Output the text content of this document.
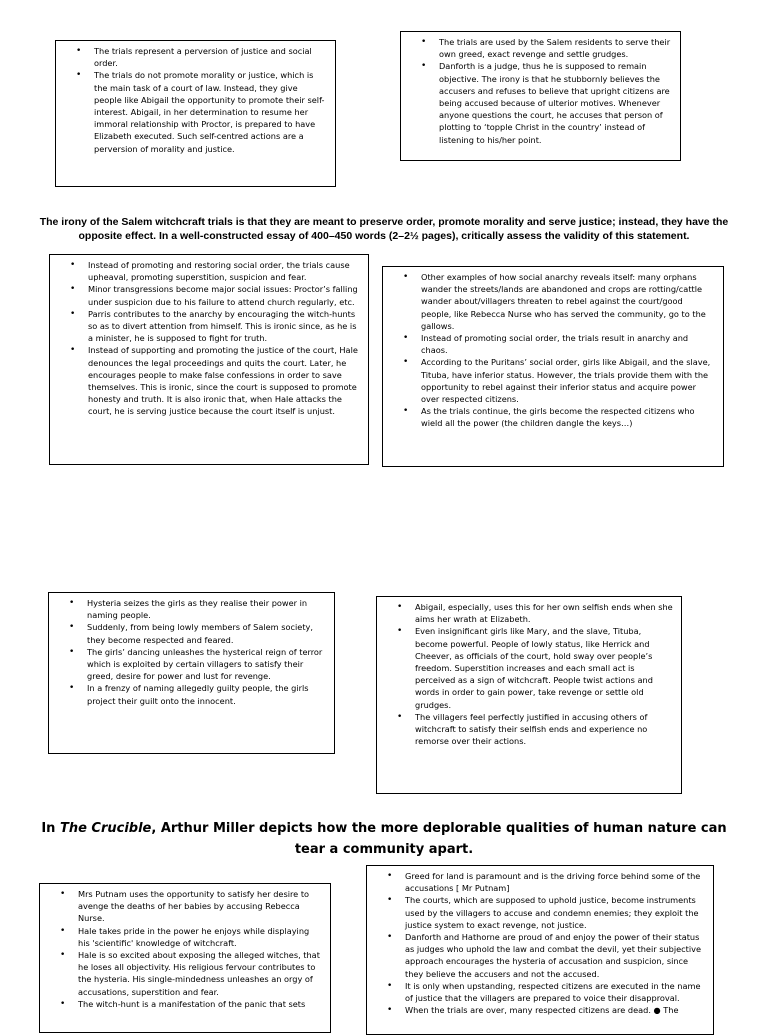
• The trials represent a perversion of justice and social order.
• The trials do not promote morality or justice, which is the main task of a court of law. Instead, they give people like Abigail the opportunity to promote their self-interest. Abigail, in her determination to resume her immoral relationship with Proctor, is prepared to have Elizabeth executed. Such self-centred actions are a perversion of morality and justice.
• The trials are used by the Salem residents to serve their own greed, exact revenge and settle grudges.
• Danforth is a judge, thus he is supposed to remain objective. The irony is that he stubbornly believes the accusers and refuses to believe that upright citizens are being accused because of ulterior motives. Whenever anyone questions the court, he accuses that person of plotting to ‘topple Christ in the country’ instead of listening to his/her point.
The irony of the Salem witchcraft trials is that they are meant to preserve order, promote morality and serve justice; instead, they have the opposite effect. In a well-constructed essay of 400–450 words (2–2½ pages), critically assess the validity of this statement.
• Instead of promoting and restoring social order, the trials cause upheaval, promoting superstition, suspicion and fear.
• Minor transgressions become major social issues: Proctor’s falling under suspicion due to his failure to attend church regularly, etc.
• Parris contributes to the anarchy by encouraging the witch-hunts so as to divert attention from himself. This is ironic since, as he is a minister, he is supposed to fight for truth.
• Instead of supporting and promoting the justice of the court, Hale denounces the legal proceedings and quits the court. Later, he encourages people to make false confessions in order to save themselves. This is ironic, since the court is supposed to promote honesty and truth. It is also ironic that, when Hale attacks the court, he is serving justice because the court itself is unjust.
• Other examples of how social anarchy reveals itself: many orphans wander the streets/lands are abandoned and crops are rotting/cattle wander about/villagers threaten to rebel against the court/good people, like Rebecca Nurse who has served the community, go to the gallows.
• Instead of promoting social order, the trials result in anarchy and chaos.
• According to the Puritans’ social order, girls like Abigail, and the slave, Tituba, have inferior status. However, the trials provide them with the opportunity to rebel against their inferior status and acquire power over respected citizens.
• As the trials continue, the girls become the respected citizens who wield all the power (the children dangle the keys…)
• Hysteria seizes the girls as they realise their power in naming people.
• Suddenly, from being lowly members of Salem society, they become respected and feared.
• The girls’ dancing unleashes the hysterical reign of terror which is exploited by certain villagers to satisfy their greed, desire for power and lust for revenge.
• In a frenzy of naming allegedly guilty people, the girls project their guilt onto the innocent.
• Abigail, especially, uses this for her own selfish ends when she aims her wrath at Elizabeth.
• Even insignificant girls like Mary, and the slave, Tituba, become powerful. People of lowly status, like Herrick and Cheever, as officials of the court, hold sway over people’s freedom. Superstition increases and each small act is perceived as a sign of witchcraft. People twist actions and words in order to gain power, take revenge or settle old grudges.
• The villagers feel perfectly justified in accusing others of witchcraft to satisfy their selfish ends and experience no remorse over their actions.
In The Crucible, Arthur Miller depicts how the more deplorable qualities of human nature can tear a community apart.
• Mrs Putnam uses the opportunity to satisfy her desire to avenge the deaths of her babies by accusing Rebecca Nurse.
• Hale takes pride in the power he enjoys while displaying his 'scientific' knowledge of witchcraft.
• Hale is so excited about exposing the alleged witches, that he loses all objectivity. His religious fervour contributes to the hysteria. His single-mindedness unleashes an orgy of accusations, superstition and fear.
• The witch-hunt is a manifestation of the panic that sets
• Greed for land is paramount and is the driving force behind some of the accusations [ Mr Putnam]
• The courts, which are supposed to uphold justice, become instruments used by the villagers to accuse and condemn enemies; they exploit the justice system to exact revenge, not justice.
• Danforth and Hathorne are proud of and enjoy the power of their status as judges who uphold the law and combat the devil, yet their subjective approach encourages the hysteria of accusation and suspicion, since they believe the accusers and not the accused.
• It is only when upstanding, respected citizens are executed in the name of justice that the villagers are prepared to voice their disapproval.
• When the trials are over, many respected citizens are dead. ● The
